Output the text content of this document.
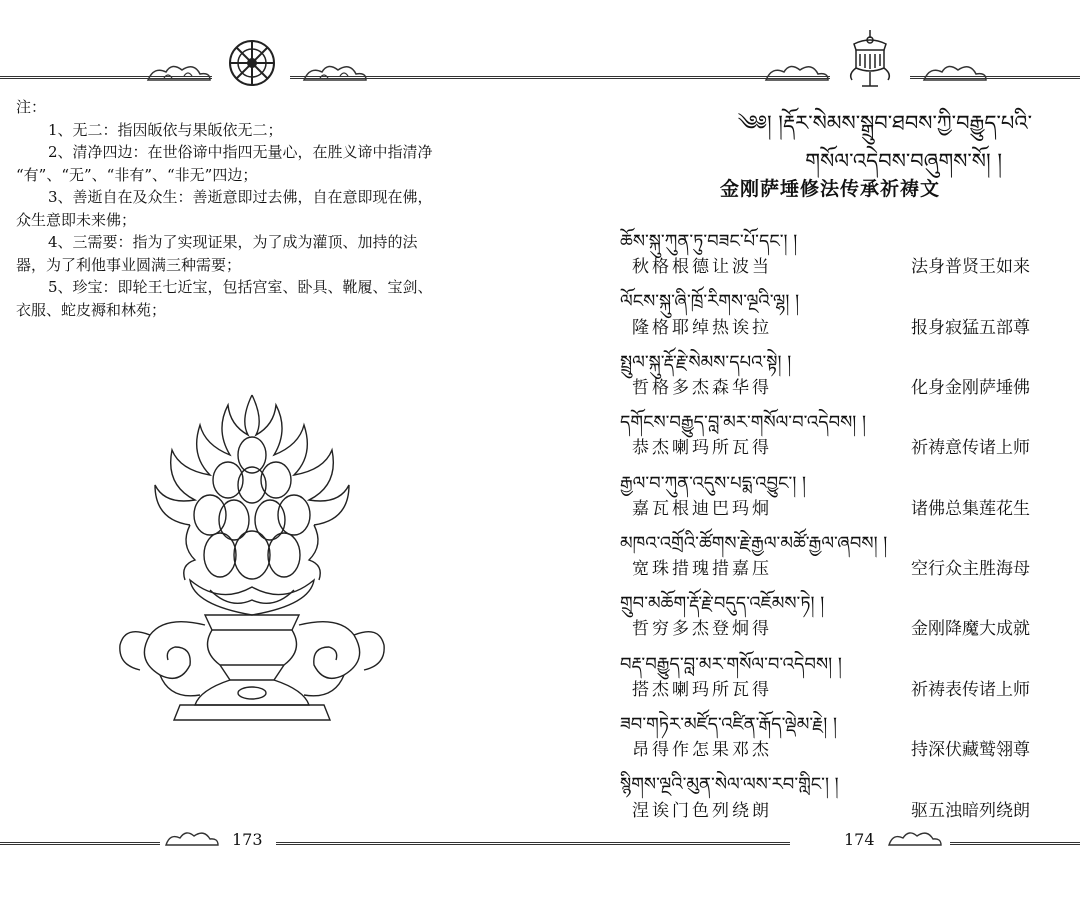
注：

1、无二：指因皈依与果皈依无二；

2、清净四边：在世俗谛中指四无量心，在胜义谛中指清净

“有”、“无”、“非有”、“非无”四边；

3、善逝自在及众生：善逝意即过去佛，自在意即现在佛，

众生意即未来佛；

4、三需要：指为了实现证果，为了成为灌顶、加持的法

器，为了利他事业圆满三种需要；

5、珍宝：即轮王七近宝，包括宫室、卧具、靴履、宝剑、

衣服、蛇皮褥和林苑；

173
༄༅། །རྡོར་སེམས་སྒྲུབ་ཐབས་ཀྱི་བརྒྱུད་པའི་
གསོལ་འདེབས་བཞུགས་སོ། །
金刚萨埵修法传承祈祷文
ཆོས་སྐུ་ཀུན་ཏུ་བཟང་པོ་དང་། །
秋格根德让波当	法身普贤王如来
ལོངས་སྐུ་ཞི་ཁྲོ་རིགས་ལྔའི་ལྷ། །
隆格耶绰热诶拉	报身寂猛五部尊
སྤྲུལ་སྐུ་རྡོ་རྗེ་སེམས་དཔའ་སྟེ། །
哲格多杰森华得	化身金刚萨埵佛
དགོངས་བརྒྱུད་བླ་མར་གསོལ་བ་འདེབས། །
恭杰喇玛所瓦得	祈祷意传诸上师
རྒྱལ་བ་ཀུན་འདུས་པདྨ་འབྱུང་། །
嘉瓦根迪巴玛炯	诸佛总集莲花生
མཁའ་འགྲོའི་ཚོགས་རྗེ་རྒྱལ་མཚོ་རྒྱལ་ཞབས། །
宽珠措瑰措嘉压	空行众主胜海母
གྲུབ་མཆོག་རྡོ་རྗེ་བདུད་འཇོམས་ཏེ། །
哲穷多杰登炯得	金刚降魔大成就
བརྡ་བརྒྱུད་བླ་མར་གསོལ་བ་འདེབས། །
搭杰喇玛所瓦得	祈祷表传诸上师
ཟབ་གཏེར་མཛོད་འཛིན་རྒོད་ལྡེམ་རྗེ། །
昂得作怎果邓杰	持深伏藏鹫翎尊
སྙིགས་ལྔའི་མུན་སེལ་ལས་རབ་གླིང་། །
涅诶门色列绕朗	驱五浊暗列绕朗
174
